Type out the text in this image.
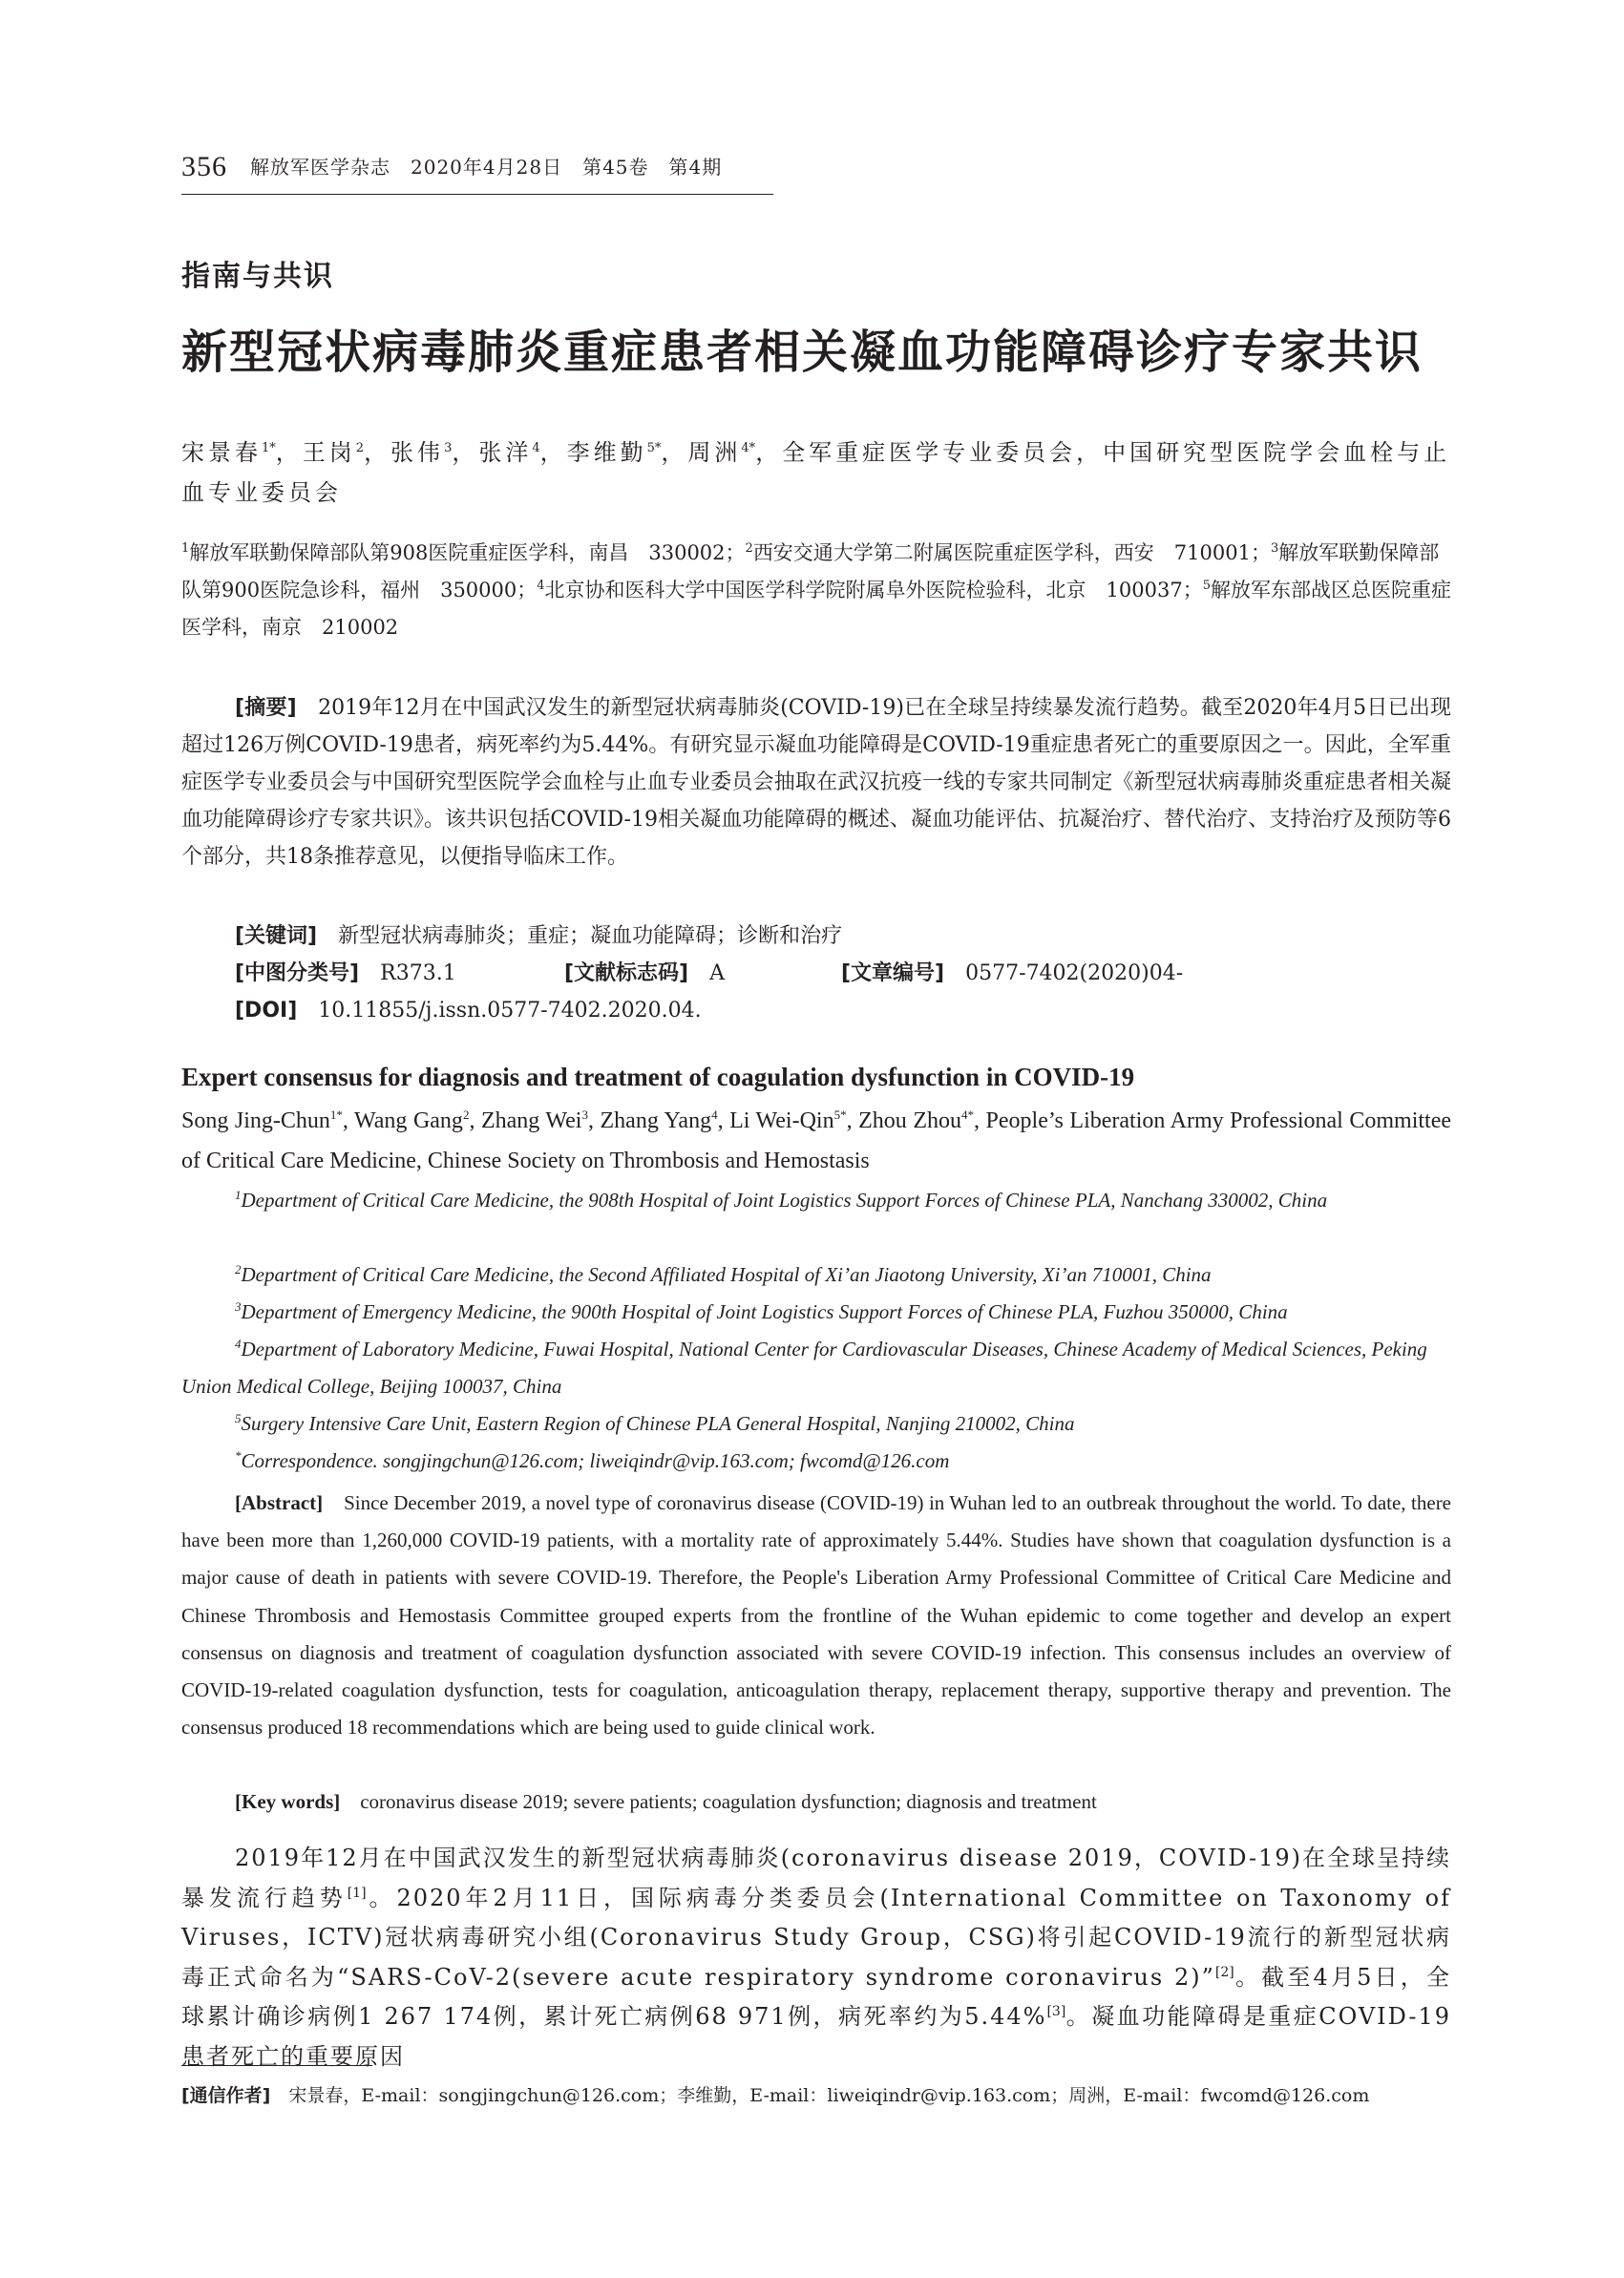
356 解放军医学杂志　2020年4月28日　第45卷　第4期
指南与共识
新型冠状病毒肺炎重症患者相关凝血功能障碍诊疗专家共识
宋景春$^{1*}$，王岗$^2$，张伟$^3$，张洋$^4$，李维勤$^{5*}$，周洲$^{4*}$，全军重症医学专业委员会，中国研究型医院学会血栓与止血专业委员会
$^1$解放军联勤保障部队第908医院重症医学科，南昌　330002；$^2$西安交通大学第二附属医院重症医学科，西安　710001；$^3$解放军联勤保障部队第900医院急诊科，福州　350000；$^4$北京协和医科大学中国医学科学院附属阜外医院检验科，北京　100037；$^5$解放军东部战区总医院重症医学科，南京　210002
[摘要]　 2019年12月在中国武汉发生的新型冠状病毒肺炎(COVID-19)已在全球呈持续暴发流行趋势。截至2020年4月5日已出现超过126万例COVID-19患者，病死率约为5.44%。有研究显示凝血功能障碍是COVID-19重症患者死亡的重要原因之一。因此，全军重症医学专业委员会与中国研究型医院学会血栓与止血专业委员会抽取在武汉抗疫一线的专家共同制定《新型冠状病毒肺炎重症患者相关凝血功能障碍诊疗专家共识》。该共识包括COVID-19相关凝血功能障碍的概述、凝血功能评估、抗凝治疗、替代治疗、支持治疗及预防等6个部分，共18条推荐意见，以便指导临床工作。
[关键词]　 新型冠状病毒肺炎；重症；凝血功能障碍；诊断和治疗
[中图分类号]　 R373.1	[文献标志码]　 A	[文章编号]　 0577-7402(2020)04-
[DOI]　 10.11855/j.issn.0577-7402.2020.04.
Expert consensus for diagnosis and treatment of coagulation dysfunction in COVID-19
Song Jing-Chun$^{1*}$, Wang Gang$^2$, Zhang Wei$^3$, Zhang Yang$^4$, Li Wei-Qin$^{5*}$, Zhou Zhou$^{4*}$, People’s Liberation Army Professional Committee of Critical Care Medicine, Chinese Society on Thrombosis and Hemostasis
$^1$Department of Critical Care Medicine, the 908th Hospital of Joint Logistics Support Forces of Chinese PLA, Nanchang 330002, China
$^2$Department of Critical Care Medicine, the Second Affiliated Hospital of Xi’an Jiaotong University, Xi’an 710001, China
$^3$Department of Emergency Medicine, the 900th Hospital of Joint Logistics Support Forces of Chinese PLA, Fuzhou 350000, China
$^4$Department of Laboratory Medicine, Fuwai Hospital, National Center for Cardiovascular Diseases, Chinese Academy of Medical Sciences, Peking Union Medical College, Beijing 100037, China
$^5$Surgery Intensive Care Unit, Eastern Region of Chinese PLA General Hospital, Nanjing 210002, China
*Correspondence. songjingchun@126.com; liweiqindr@vip.163.com; fwcomd@126.com
[Abstract] Since December 2019, a novel type of coronavirus disease (COVID-19) in Wuhan led to an outbreak throughout the world. To date, there have been more than 1,260,000 COVID-19 patients, with a mortality rate of approximately 5.44%. Studies have shown that coagulation dysfunction is a major cause of death in patients with severe COVID-19. Therefore, the People's Liberation Army Professional Committee of Critical Care Medicine and Chinese Thrombosis and Hemostasis Committee grouped experts from the frontline of the Wuhan epidemic to come together and develop an expert consensus on diagnosis and treatment of coagulation dysfunction associated with severe COVID-19 infection. This consensus includes an overview of COVID-19-related coagulation dysfunction, tests for coagulation, anticoagulation therapy, replacement therapy, supportive therapy and prevention. The consensus produced 18 recommendations which are being used to guide clinical work.
[Key words] coronavirus disease 2019; severe patients; coagulation dysfunction; diagnosis and treatment
2019年12月在中国武汉发生的新型冠状病毒肺炎(coronavirus disease 2019，COVID-19)在全球呈持续暴发流行趋势[1]。2020年2月11日，国际病毒分类委员会(International Committee on Taxonomy of Viruses，ICTV)冠状病毒研究小组(Coronavirus Study Group，CSG)将引起COVID-19流行的新型冠状病毒正式命名为“SARS-CoV-2(severe acute respiratory syndrome coronavirus 2)”[2]。截至4月5日，全球累计确诊病例1 267 174例，累计死亡病例68 971例，病死率约为5.44%[3]。凝血功能障碍是重症COVID-19患者死亡的重要原因
[通信作者]　 宋景春，E-mail：songjingchun@126.com；李维勤，E-mail：liweiqindr@vip.163.com；周洲，E-mail：fwcomd@126.com
